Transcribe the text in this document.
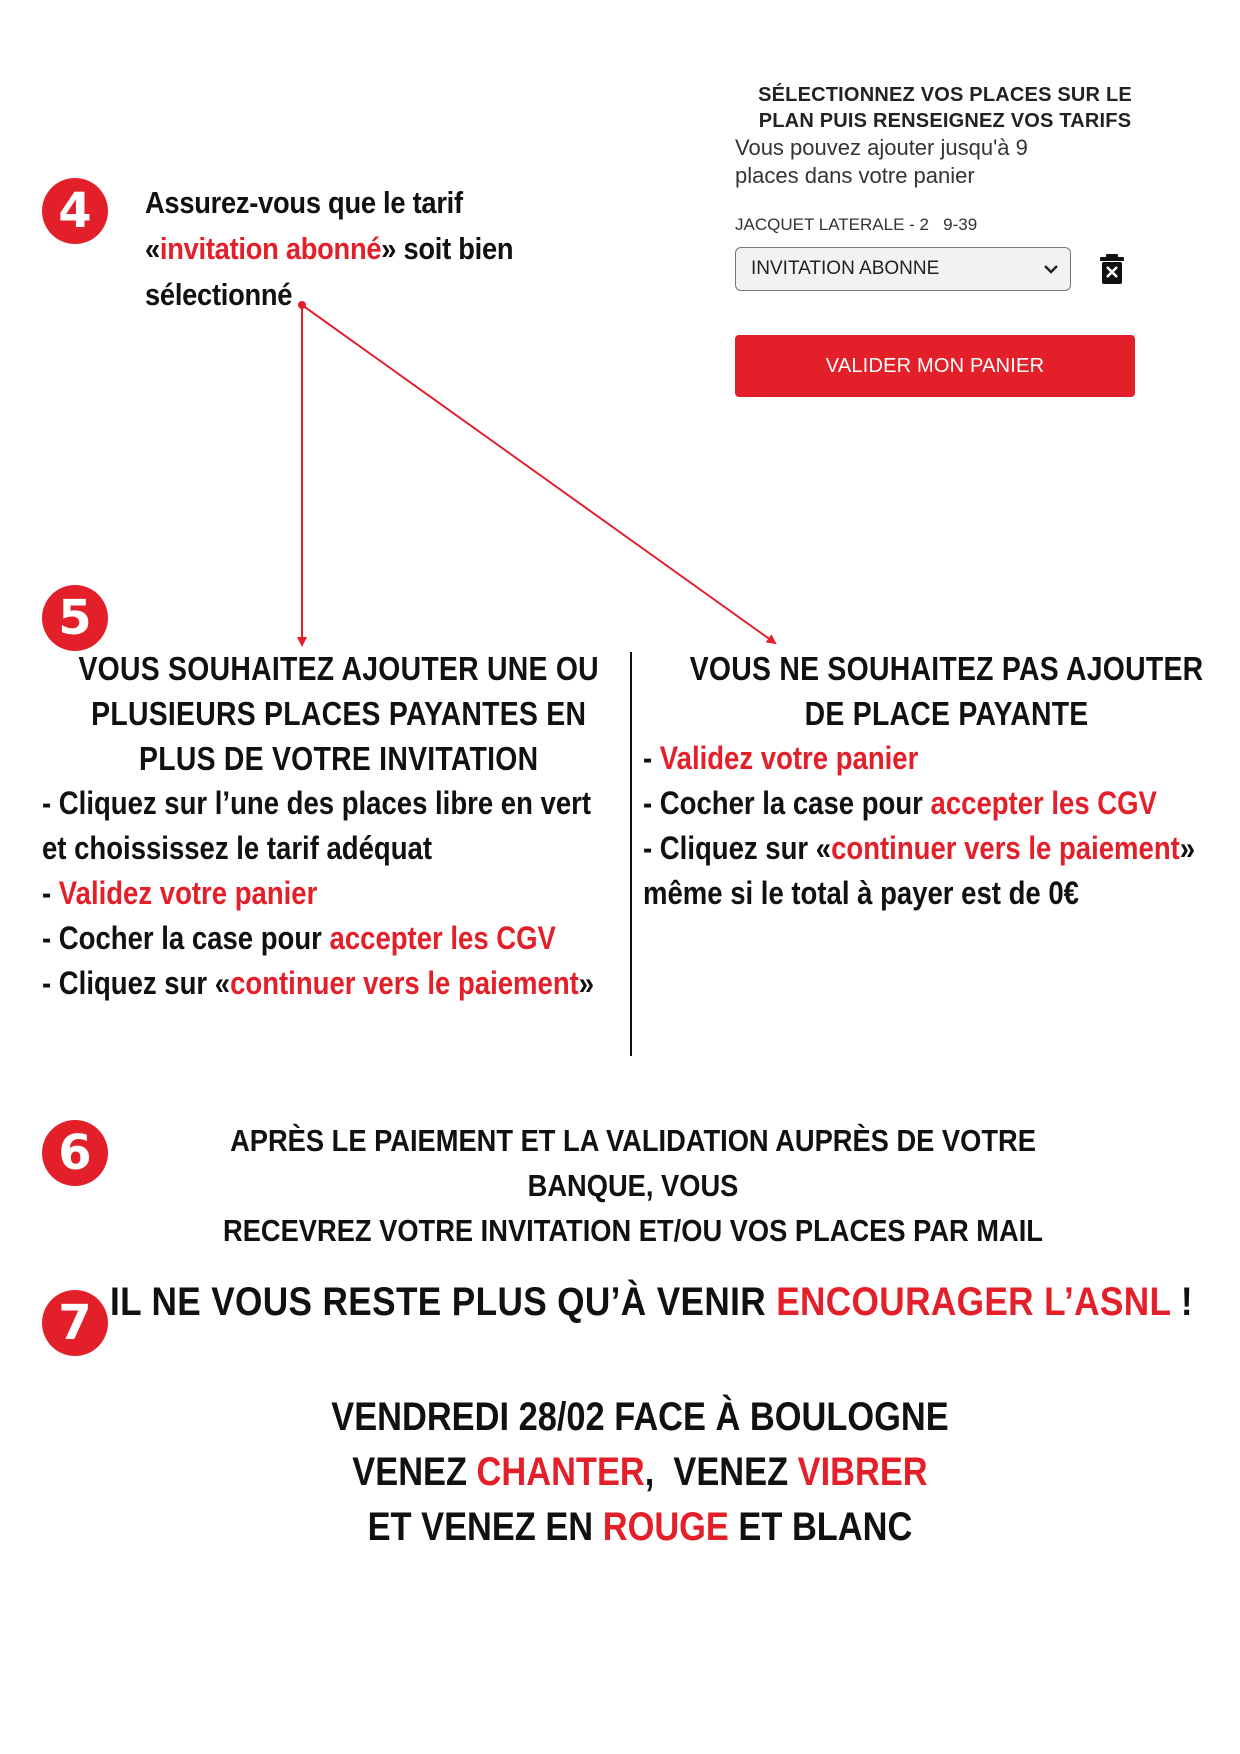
4	Assurez-vous que le tarif «invitation abonné» soit bien sélectionné
SÉLECTIONNEZ VOS PLACES SUR LE PLAN PUIS RENSEIGNEZ VOS TARIFS
Vous pouvez ajouter jusqu'à 9 places dans votre panier
JACQUET LATERALE - 2   9-39
INVITATION ABONNE
VALIDER MON PANIER
5
VOUS SOUHAITEZ AJOUTER UNE OU
PLUSIEURS PLACES PAYANTES EN
PLUS DE VOTRE INVITATION
- Cliquez sur l’une des places libre en vert
et choississez le tarif adéquat
- Validez votre panier
- Cocher la case pour accepter les CGV
- Cliquez sur «continuer vers le paiement»
VOUS NE SOUHAITEZ PAS AJOUTER
DE PLACE PAYANTE
- Validez votre panier
- Cocher la case pour accepter les CGV
- Cliquez sur «continuer vers le paiement»
même si le total à payer est de 0€
6	APRÈS LE PAIEMENT ET LA VALIDATION AUPRÈS DE VOTRE BANQUE, VOUS
RECEVREZ VOTRE INVITATION ET/OU VOS PLACES PAR MAIL
7 IL NE VOUS RESTE PLUS QU’À VENIR ENCOURAGER L’ASNL !
VENDREDI 28/02 FACE À BOULOGNE
VENEZ CHANTER,  VENEZ VIBRER
ET VENEZ EN ROUGE ET BLANC
